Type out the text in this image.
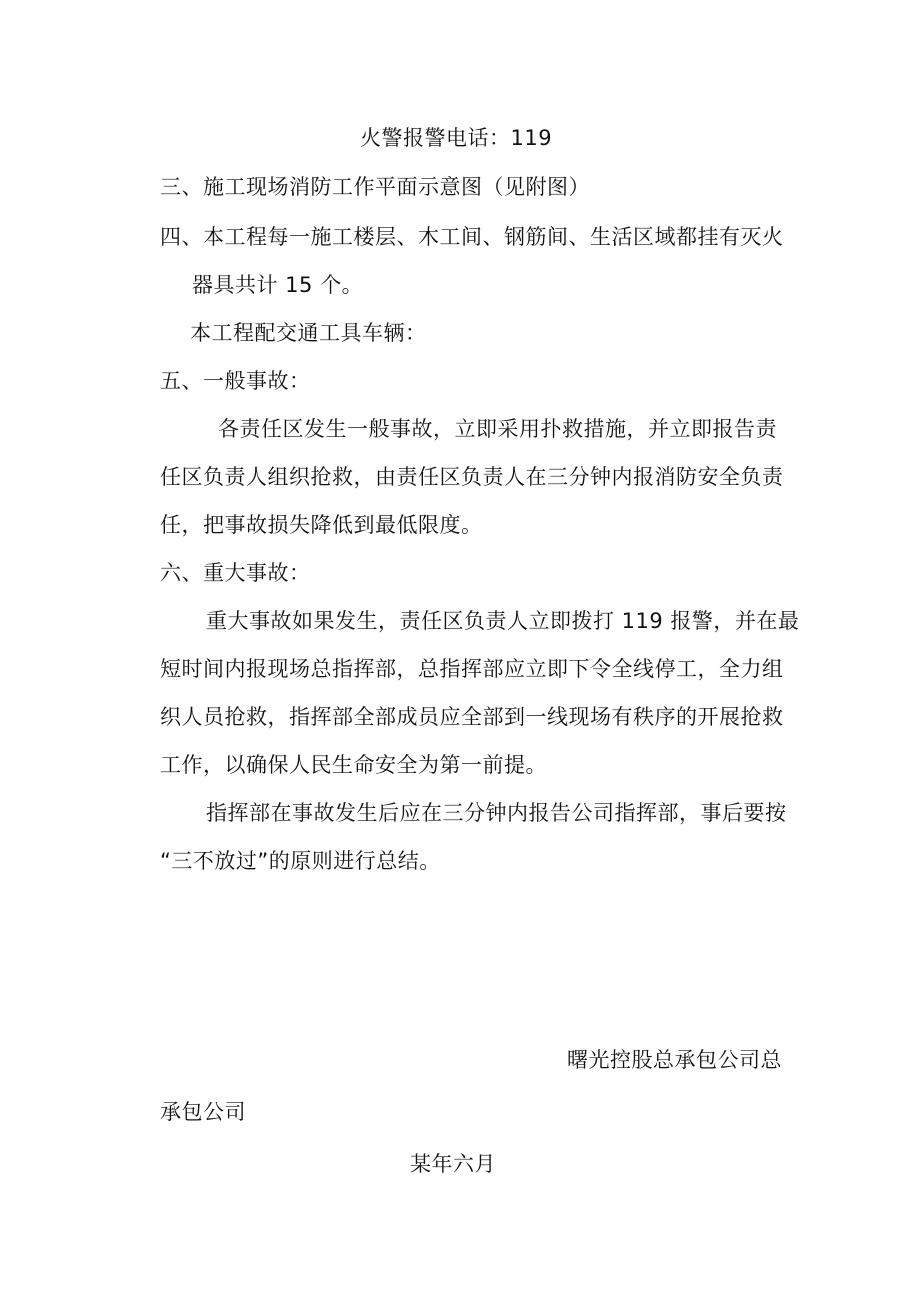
火警报警电话：119
三、施工现场消防工作平面示意图（见附图）
四、本工程每一施工楼层、木工间、钢筋间、生活区域都挂有灭火
器具共计 15 个。
本工程配交通工具车辆：
五、一般事故：
各责任区发生一般事故，立即采用扑救措施，并立即报告责
任区负责人组织抢救，由责任区负责人在三分钟内报消防安全负责
任，把事故损失降低到最低限度。
六、重大事故：
重大事故如果发生，责任区负责人立即拨打 119 报警，并在最
短时间内报现场总指挥部，总指挥部应立即下令全线停工，全力组
织人员抢救，指挥部全部成员应全部到一线现场有秩序的开展抢救
工作，以确保人民生命安全为第一前提。
指挥部在事故发生后应在三分钟内报告公司指挥部，事后要按
“三不放过”的原则进行总结。
曙光控股总承包公司总
承包公司
某年六月
